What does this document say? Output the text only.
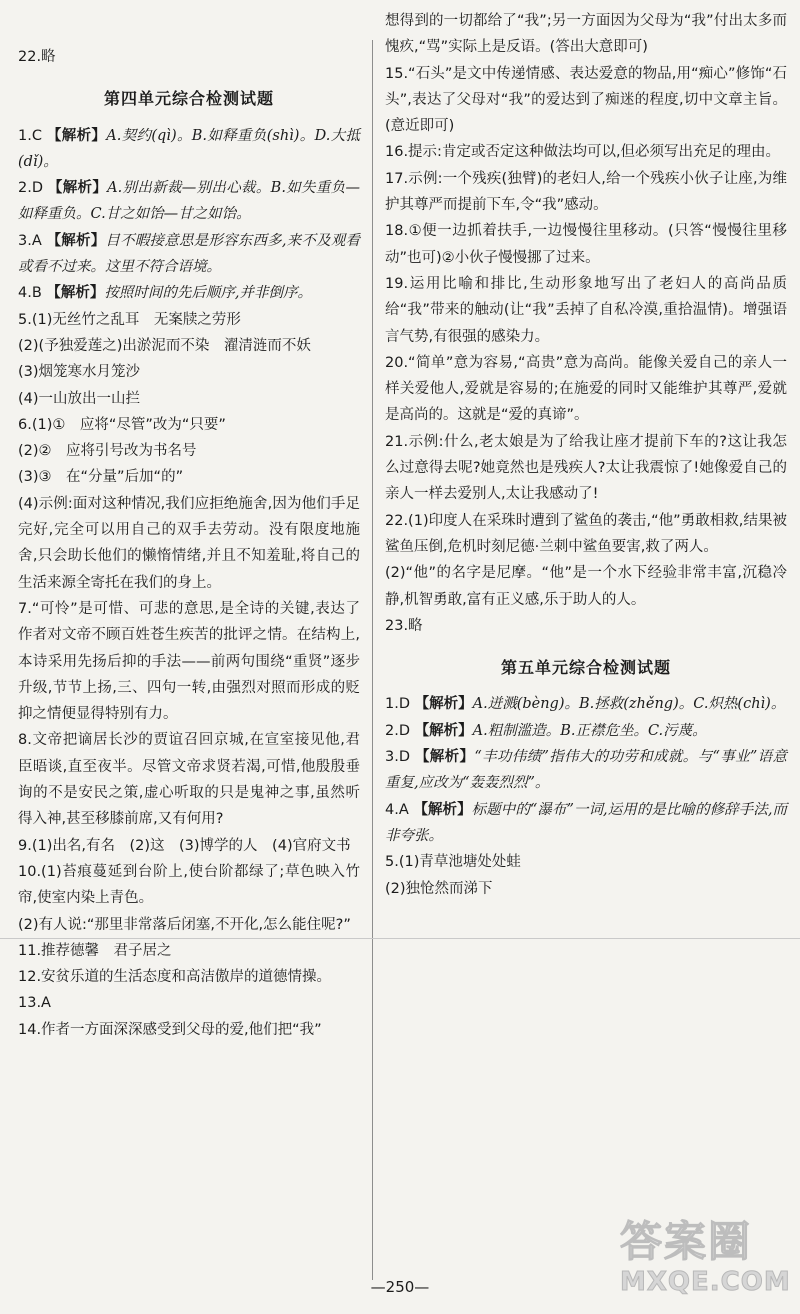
22.略

第四单元综合检测试题
1.C 【解析】A.契约(qì)。B.如释重负(shì)。D.大抵(dǐ)。
2.D 【解析】A.别出新裁—别出心裁。B.如失重负—如释重负。C.甘之如饴—甘之如饴。
3.A 【解析】目不暇接意思是形容东西多,来不及观看或看不过来。这里不符合语境。
4.B 【解析】按照时间的先后顺序,并非倒序。

5.(1)无丝竹之乱耳　无案牍之劳形

(2)(予独爱莲之)出淤泥而不染　濯清涟而不妖

(3)烟笼寒水月笼沙

(4)一山放出一山拦

6.(1)①　应将“尽管”改为“只要”

(2)②　应将引号改为书名号

(3)③　在“分量”后加“的”

(4)示例:面对这种情况,我们应拒绝施舍,因为他们手足完好,完全可以用自己的双手去劳动。没有限度地施舍,只会助长他们的懒惰情绪,并且不知羞耻,将自己的生活来源全寄托在我们的身上。

7.“可怜”是可惜、可悲的意思,是全诗的关键,表达了作者对文帝不顾百姓苍生疾苦的批评之情。在结构上,本诗采用先扬后抑的手法——前两句围绕“重贤”逐步升级,节节上扬,三、四句一转,由强烈对照而形成的贬抑之情便显得特别有力。

8.文帝把谪居长沙的贾谊召回京城,在宣室接见他,君臣晤谈,直至夜半。尽管文帝求贤若渴,可惜,他殷殷垂询的不是安民之策,虚心听取的只是鬼神之事,虽然听得入神,甚至移膝前席,又有何用?

9.(1)出名,有名　(2)这　(3)博学的人　(4)官府文书

10.(1)苔痕蔓延到台阶上,使台阶都绿了;草色映入竹帘,使室内染上青色。

(2)有人说:“那里非常落后闭塞,不开化,怎么能住呢?”

11.推荐德馨　君子居之

12.安贫乐道的生活态度和高洁傲岸的道德情操。

13.A

14.作者一方面深深感受到父母的爱,他们把“我”

想得到的一切都给了“我”;另一方面因为父母为“我”付出太多而愧疚,“骂”实际上是反语。(答出大意即可)

15.“石头”是文中传递情感、表达爱意的物品,用“痴心”修饰“石头”,表达了父母对“我”的爱达到了痴迷的程度,切中文章主旨。(意近即可)

16.提示:肯定或否定这种做法均可以,但必须写出充足的理由。

17.示例:一个残疾(独臂)的老妇人,给一个残疾小伙子让座,为维护其尊严而提前下车,令“我”感动。

18.①便一边抓着扶手,一边慢慢往里移动。(只答“慢慢往里移动”也可)②小伙子慢慢挪了过来。

19.运用比喻和排比,生动形象地写出了老妇人的高尚品质给“我”带来的触动(让“我”丢掉了自私冷漠,重拾温情)。增强语言气势,有很强的感染力。

20.“简单”意为容易,“高贵”意为高尚。能像关爱自己的亲人一样关爱他人,爱就是容易的;在施爱的同时又能维护其尊严,爱就是高尚的。这就是“爱的真谛”。

21.示例:什么,老太娘是为了给我让座才提前下车的?这让我怎么过意得去呢?她竟然也是残疾人?太让我震惊了!她像爱自己的亲人一样去爱别人,太让我感动了!

22.(1)印度人在采珠时遭到了鲨鱼的袭击,“他”勇敢相救,结果被鲨鱼压倒,危机时刻尼德·兰刺中鲨鱼要害,救了两人。

(2)“他”的名字是尼摩。“他”是一个水下经验非常丰富,沉稳冷静,机智勇敢,富有正义感,乐于助人的人。

23.略

第五单元综合检测试题
1.D 【解析】A.迸溅(bèng)。B.拯救(zhěng)。C.炽热(chì)。
2.D 【解析】A.粗制滥造。B.正襟危坐。C.污蔑。
3.D 【解析】“丰功伟绩”指伟大的功劳和成就。与“事业”语意重复,应改为“轰轰烈烈”。
4.A 【解析】标题中的“瀑布”一词,运用的是比喻的修辞手法,而非夸张。

5.(1)青草池塘处处蛙

(2)独怆然而涕下

—250—
答案圈
MXQE.COM
